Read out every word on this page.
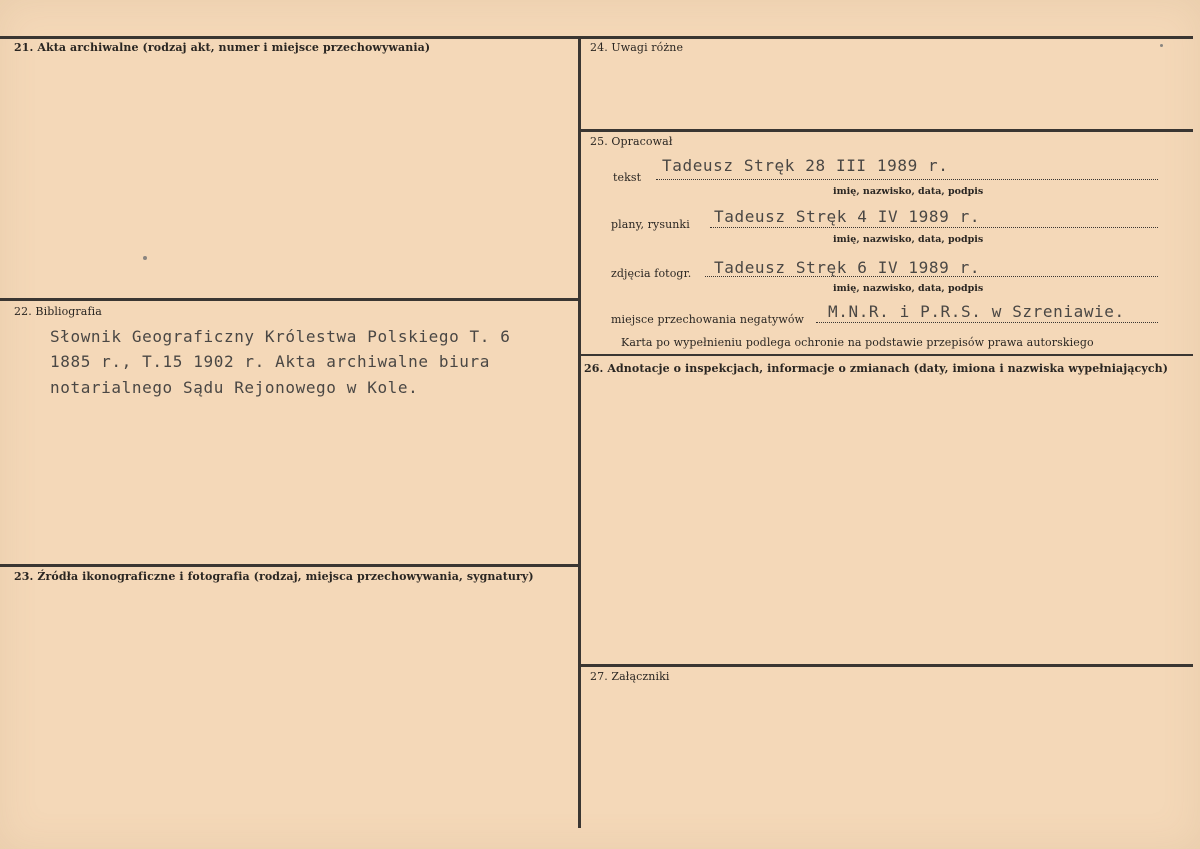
21. Akta archiwalne (rodzaj akt, numer i miejsce przechowywania)
22. Bibliografia
Słownik Geograficzny Królestwa Polskiego T. 6
1885 r., T.15 1902 r. Akta archiwalne biura
notarialnego Sądu Rejonowego w Kole.
23. Źródła ikonograficzne i fotografia (rodzaj, miejsca przechowywania, sygnatury)
24. Uwagi różne
25. Opracował
tekst
Tadeusz Stręk 28 III 1989 r.
imię, nazwisko, data, podpis
plany, rysunki Tadeusz Stręk 4 IV 1989 r.
imię, nazwisko, data, podpis
zdjęcia fotogr. Tadeusz Stręk 6 IV 1989 r.
imię, nazwisko, data, podpis
miejsce przechowania negatywów M.N.R. i P.R.S. w Szreniawie.
Karta po wypełnieniu podlega ochronie na podstawie przepisów prawa autorskiego
26. Adnotacje o inspekcjach, informacje o zmianach (daty, imiona i nazwiska wypełniających)
27. Załączniki
